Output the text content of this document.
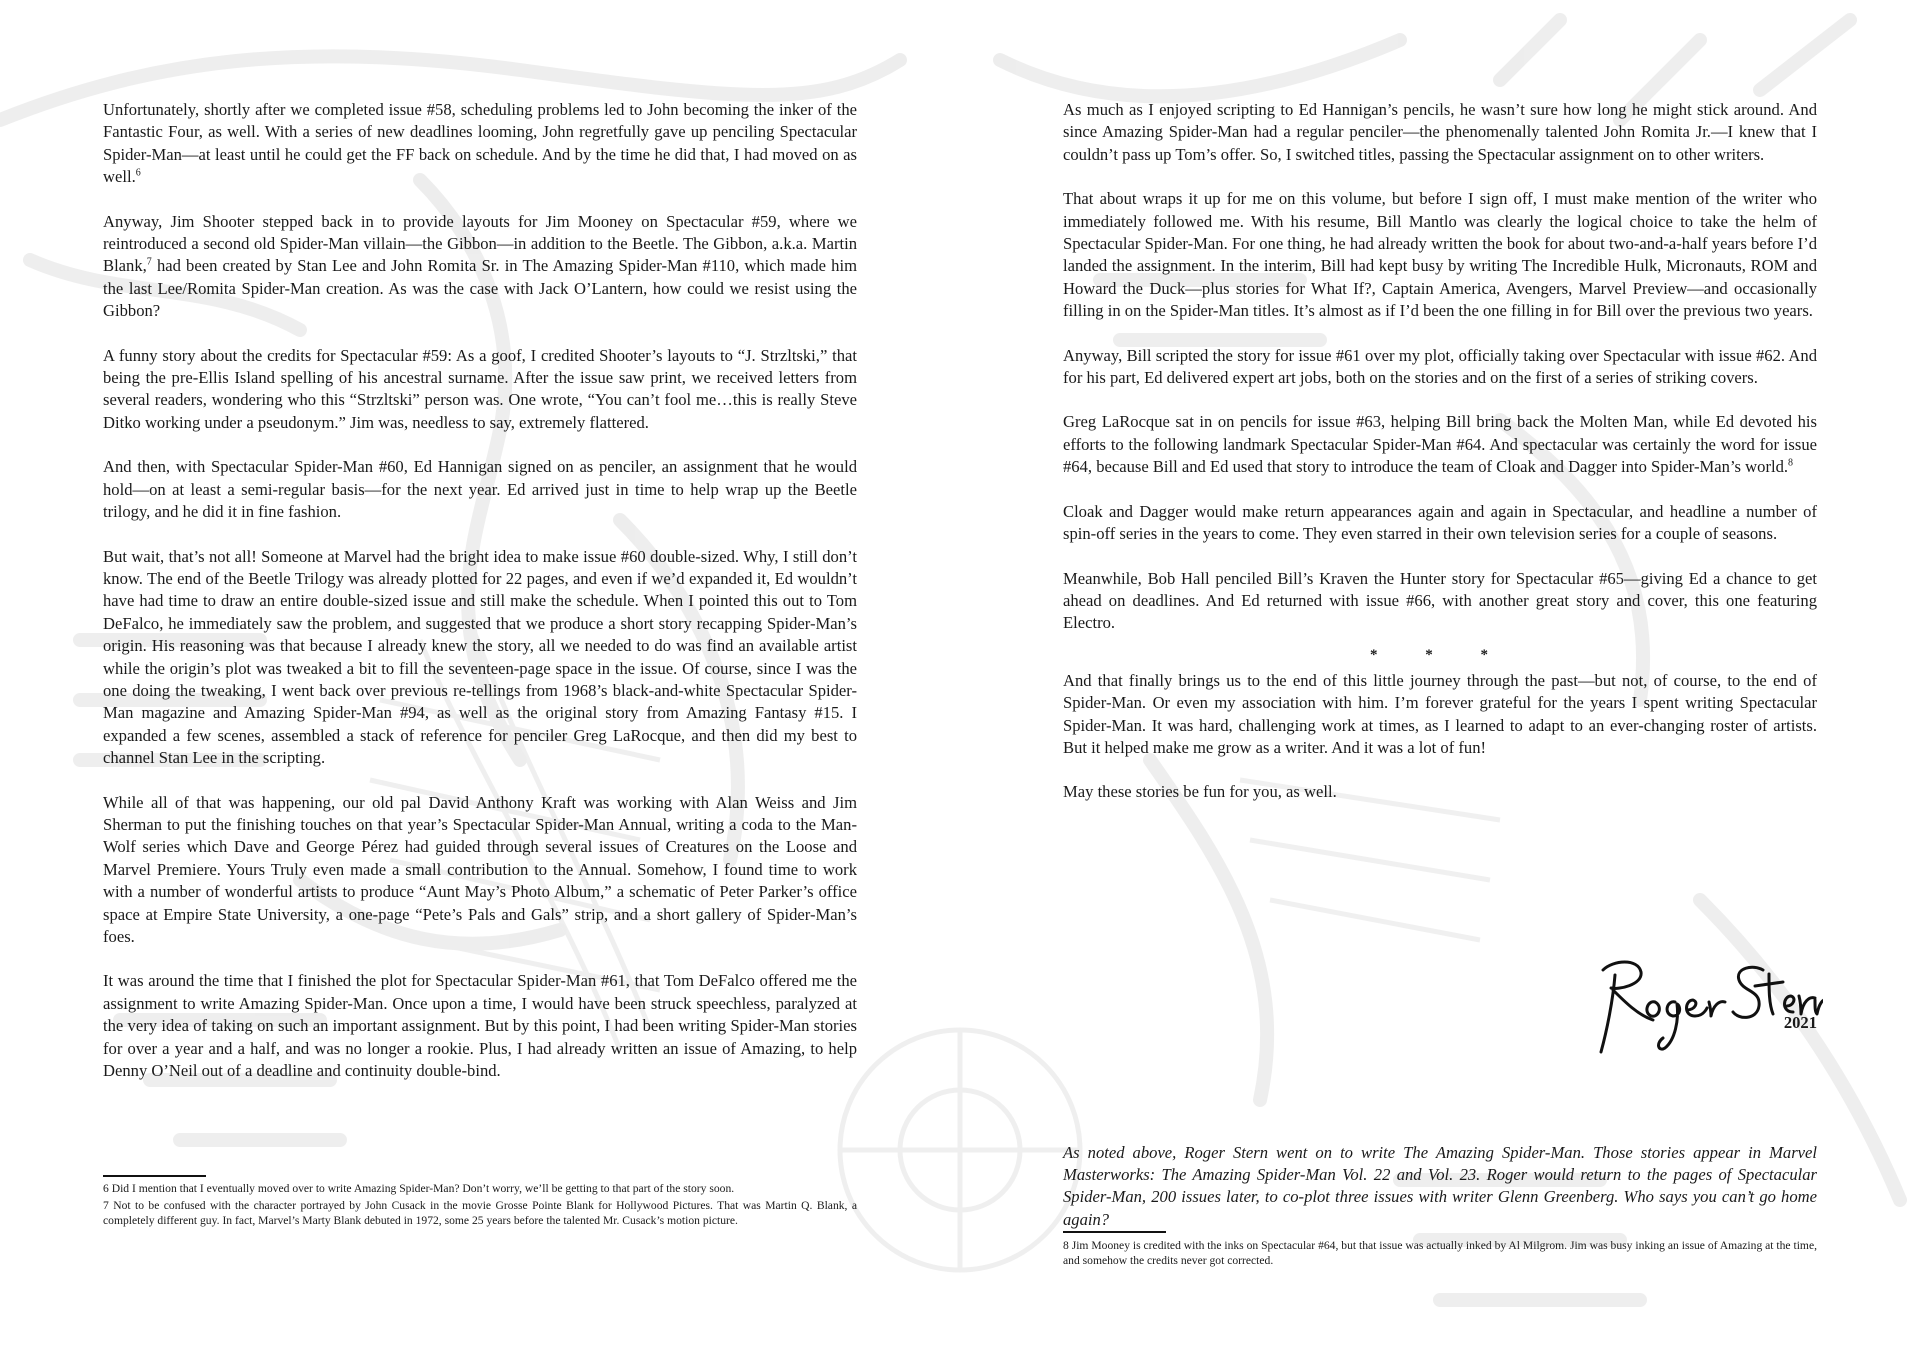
Unfortunately, shortly after we completed issue #58, scheduling problems led to John becoming the inker of the Fantastic Four, as well. With a series of new deadlines looming, John regretfully gave up penciling Spectacular Spider-Man—at least until he could get the FF back on schedule. And by the time he did that, I had moved on as well.$^6$

Anyway, Jim Shooter stepped back in to provide layouts for Jim Mooney on Spectacular #59, where we reintroduced a second old Spider-Man villain—the Gibbon—in addition to the Beetle. The Gibbon, a.k.a. Martin Blank,$^7$ had been created by Stan Lee and John Romita Sr. in The Amazing Spider-Man #110, which made him the last Lee/Romita Spider-Man creation. As was the case with Jack O’Lantern, how could we resist using the Gibbon?

A funny story about the credits for Spectacular #59: As a goof, I credited Shooter’s layouts to “J. Strzltski,” that being the pre-Ellis Island spelling of his ancestral surname. After the issue saw print, we received letters from several readers, wondering who this “Strzltski” person was. One wrote, “You can’t fool me…this is really Steve Ditko working under a pseudonym.” Jim was, needless to say, extremely flattered.

And then, with Spectacular Spider-Man #60, Ed Hannigan signed on as penciler, an assignment that he would hold—on at least a semi-regular basis—for the next year. Ed arrived just in time to help wrap up the Beetle trilogy, and he did it in fine fashion.

But wait, that’s not all! Someone at Marvel had the bright idea to make issue #60 double-sized. Why, I still don’t know. The end of the Beetle Trilogy was already plotted for 22 pages, and even if we’d expanded it, Ed wouldn’t have had time to draw an entire double-sized issue and still make the schedule. When I pointed this out to Tom DeFalco, he immediately saw the problem, and suggested that we produce a short story recapping Spider-Man’s origin. His reasoning was that because I already knew the story, all we needed to do was find an available artist while the origin’s plot was tweaked a bit to fill the seventeen-page space in the issue. Of course, since I was the one doing the tweaking, I went back over previous re-tellings from 1968’s black-and-white Spectacular Spider-Man magazine and Amazing Spider-Man #94, as well as the original story from Amazing Fantasy #15. I expanded a few scenes, assembled a stack of reference for penciler Greg LaRocque, and then did my best to channel Stan Lee in the scripting.

While all of that was happening, our old pal David Anthony Kraft was working with Alan Weiss and Jim Sherman to put the finishing touches on that year’s Spectacular Spider-Man Annual, writing a coda to the Man-Wolf series which Dave and George Pérez had guided through several issues of Creatures on the Loose and Marvel Premiere. Yours Truly even made a small contribution to the Annual. Somehow, I found time to work with a number of wonderful artists to produce “Aunt May’s Photo Album,” a schematic of Peter Parker’s office space at Empire State University, a one-page “Pete’s Pals and Gals” strip, and a short gallery of Spider-Man’s foes.

It was around the time that I finished the plot for Spectacular Spider-Man #61, that Tom DeFalco offered me the assignment to write Amazing Spider-Man. Once upon a time, I would have been struck speechless, paralyzed at the very idea of taking on such an important assignment. But by this point, I had been writing Spider-Man stories for over a year and a half, and was no longer a rookie. Plus, I had already written an issue of Amazing, to help Denny O’Neil out of a deadline and continuity double-bind.

6 Did I mention that I eventually moved over to write Amazing Spider-Man? Don’t worry, we’ll be getting to that part of the story soon.

7 Not to be confused with the character portrayed by John Cusack in the movie Grosse Pointe Blank for Hollywood Pictures. That was Martin Q. Blank, a completely different guy. In fact, Marvel’s Marty Blank debuted in 1972, some 25 years before the talented Mr. Cusack’s motion picture.

As much as I enjoyed scripting to Ed Hannigan’s pencils, he wasn’t sure how long he might stick around. And since Amazing Spider-Man had a regular penciler—the phenomenally talented John Romita Jr.—I knew that I couldn’t pass up Tom’s offer. So, I switched titles, passing the Spectacular assignment on to other writers.

That about wraps it up for me on this volume, but before I sign off, I must make mention of the writer who immediately followed me. With his resume, Bill Mantlo was clearly the logical choice to take the helm of Spectacular Spider-Man. For one thing, he had already written the book for about two-and-a-half years before I’d landed the assignment. In the interim, Bill had kept busy by writing The Incredible Hulk, Micronauts, ROM and Howard the Duck—plus stories for What If?, Captain America, Avengers, Marvel Preview—and occasionally filling in on the Spider-Man titles. It’s almost as if I’d been the one filling in for Bill over the previous two years.

Anyway, Bill scripted the story for issue #61 over my plot, officially taking over Spectacular with issue #62. And for his part, Ed delivered expert art jobs, both on the stories and on the first of a series of striking covers.

Greg LaRocque sat in on pencils for issue #63, helping Bill bring back the Molten Man, while Ed devoted his efforts to the following landmark Spectacular Spider-Man #64. And spectacular was certainly the word for issue #64, because Bill and Ed used that story to introduce the team of Cloak and Dagger into Spider-Man’s world.$^8$

Cloak and Dagger would make return appearances again and again in Spectacular, and headline a number of spin-off series in the years to come. They even starred in their own television series for a couple of seasons.

Meanwhile, Bob Hall penciled Bill’s Kraven the Hunter story for Spectacular #65—giving Ed a chance to get ahead on deadlines. And Ed returned with issue #66, with another great story and cover, this one featuring Electro.

* * *

And that finally brings us to the end of this little journey through the past—but not, of course, to the end of Spider-Man. Or even my association with him. I’m forever grateful for the years I spent writing Spectacular Spider-Man. It was hard, challenging work at times, as I learned to adapt to an ever-changing roster of artists. But it helped make me grow as a writer. And it was a lot of fun!

May these stories be fun for you, as well.

2021

As noted above, Roger Stern went on to write The Amazing Spider-Man. Those stories appear in Marvel Masterworks: The Amazing Spider-Man Vol. 22 and Vol. 23. Roger would return to the pages of Spectacular Spider-Man, 200 issues later, to co-plot three issues with writer Glenn Greenberg. Who says you can’t go home again?

8 Jim Mooney is credited with the inks on Spectacular #64, but that issue was actually inked by Al Milgrom. Jim was busy inking an issue of Amazing at the time, and somehow the credits never got corrected.
